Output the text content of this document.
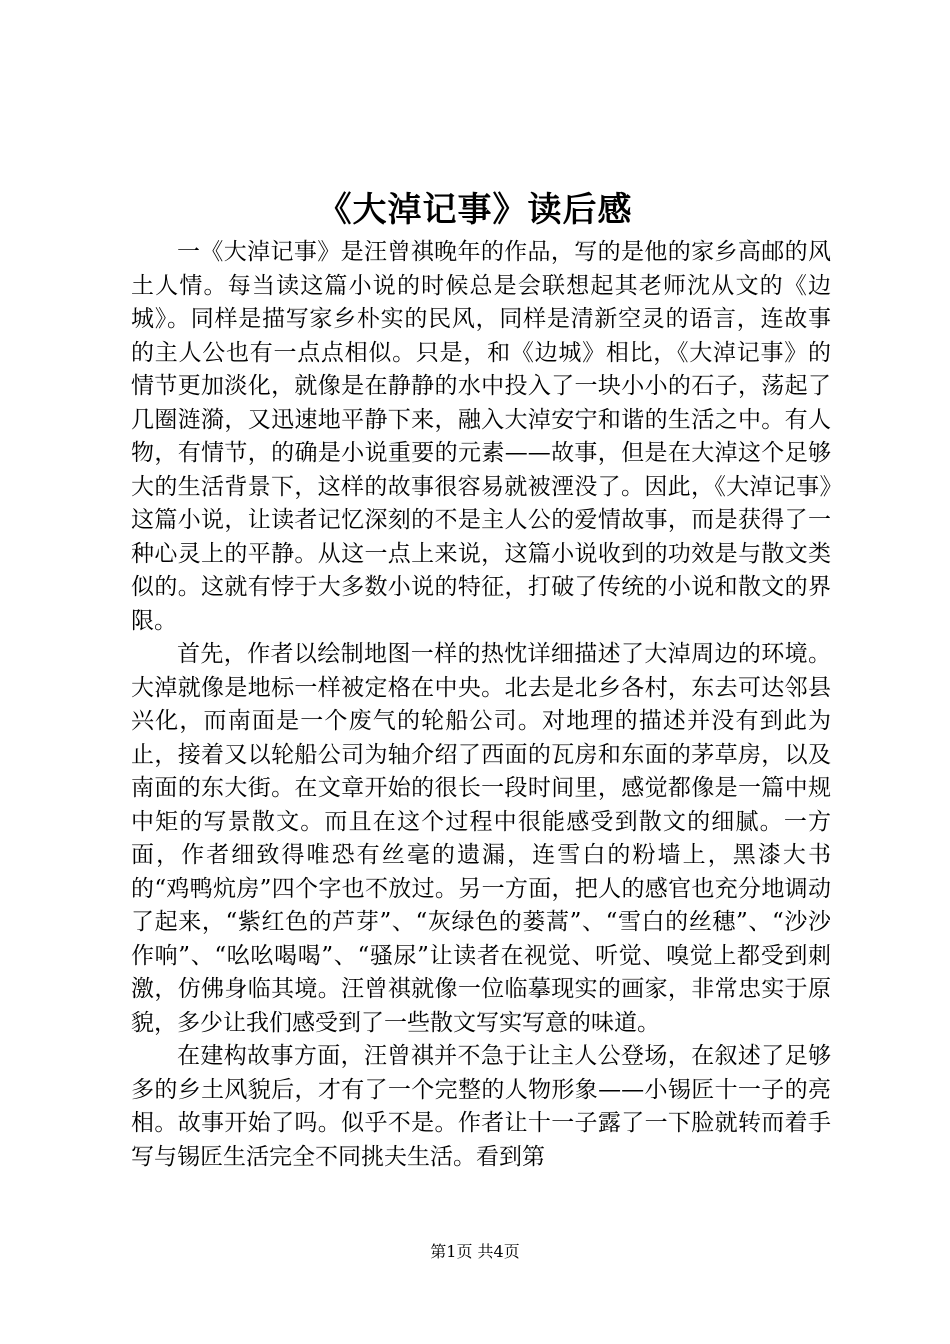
《大淖记事》读后感

一《大淖记事》是汪曾祺晚年的作品，写的是他的家乡高邮的风土人情。每当读这篇小说的时候总是会联想起其老师沈从文的《边城》。同样是描写家乡朴实的民风，同样是清新空灵的语言，连故事的主人公也有一点点相似。只是，和《边城》相比，《大淖记事》的情节更加淡化，就像是在静静的水中投入了一块小小的石子，荡起了几圈涟漪，又迅速地平静下来，融入大淖安宁和谐的生活之中。有人物，有情节，的确是小说重要的元素——故事，但是在大淖这个足够大的生活背景下，这样的故事很容易就被湮没了。因此，《大淖记事》这篇小说，让读者记忆深刻的不是主人公的爱情故事，而是获得了一种心灵上的平静。从这一点上来说，这篇小说收到的功效是与散文类似的。这就有悖于大多数小说的特征，打破了传统的小说和散文的界限。

首先，作者以绘制地图一样的热忱详细描述了大淖周边的环境。大淖就像是地标一样被定格在中央。北去是北乡各村，东去可达邻县兴化，而南面是一个废气的轮船公司。对地理的描述并没有到此为止，接着又以轮船公司为轴介绍了西面的瓦房和东面的茅草房，以及南面的东大街。在文章开始的很长一段时间里，感觉都像是一篇中规中矩的写景散文。而且在这个过程中很能感受到散文的细腻。一方面，作者细致得唯恐有丝毫的遗漏，连雪白的粉墙上，黑漆大书的“鸡鸭炕房”四个字也不放过。另一方面，把人的感官也充分地调动了起来，“紫红色的芦芽”、“灰绿色的蒌蒿”、“雪白的丝穗”、“沙沙作响”、“吆吆喝喝”、“骚尿”让读者在视觉、听觉、嗅觉上都受到刺激，仿佛身临其境。汪曾祺就像一位临摹现实的画家，非常忠实于原貌，多少让我们感受到了一些散文写实写意的味道。

在建构故事方面，汪曾祺并不急于让主人公登场，在叙述了足够多的乡土风貌后，才有了一个完整的人物形象——小锡匠十一子的亮相。故事开始了吗。似乎不是。作者让十一子露了一下脸就转而着手写与锡匠生活完全不同挑夫生活。看到第

第1页 共4页
